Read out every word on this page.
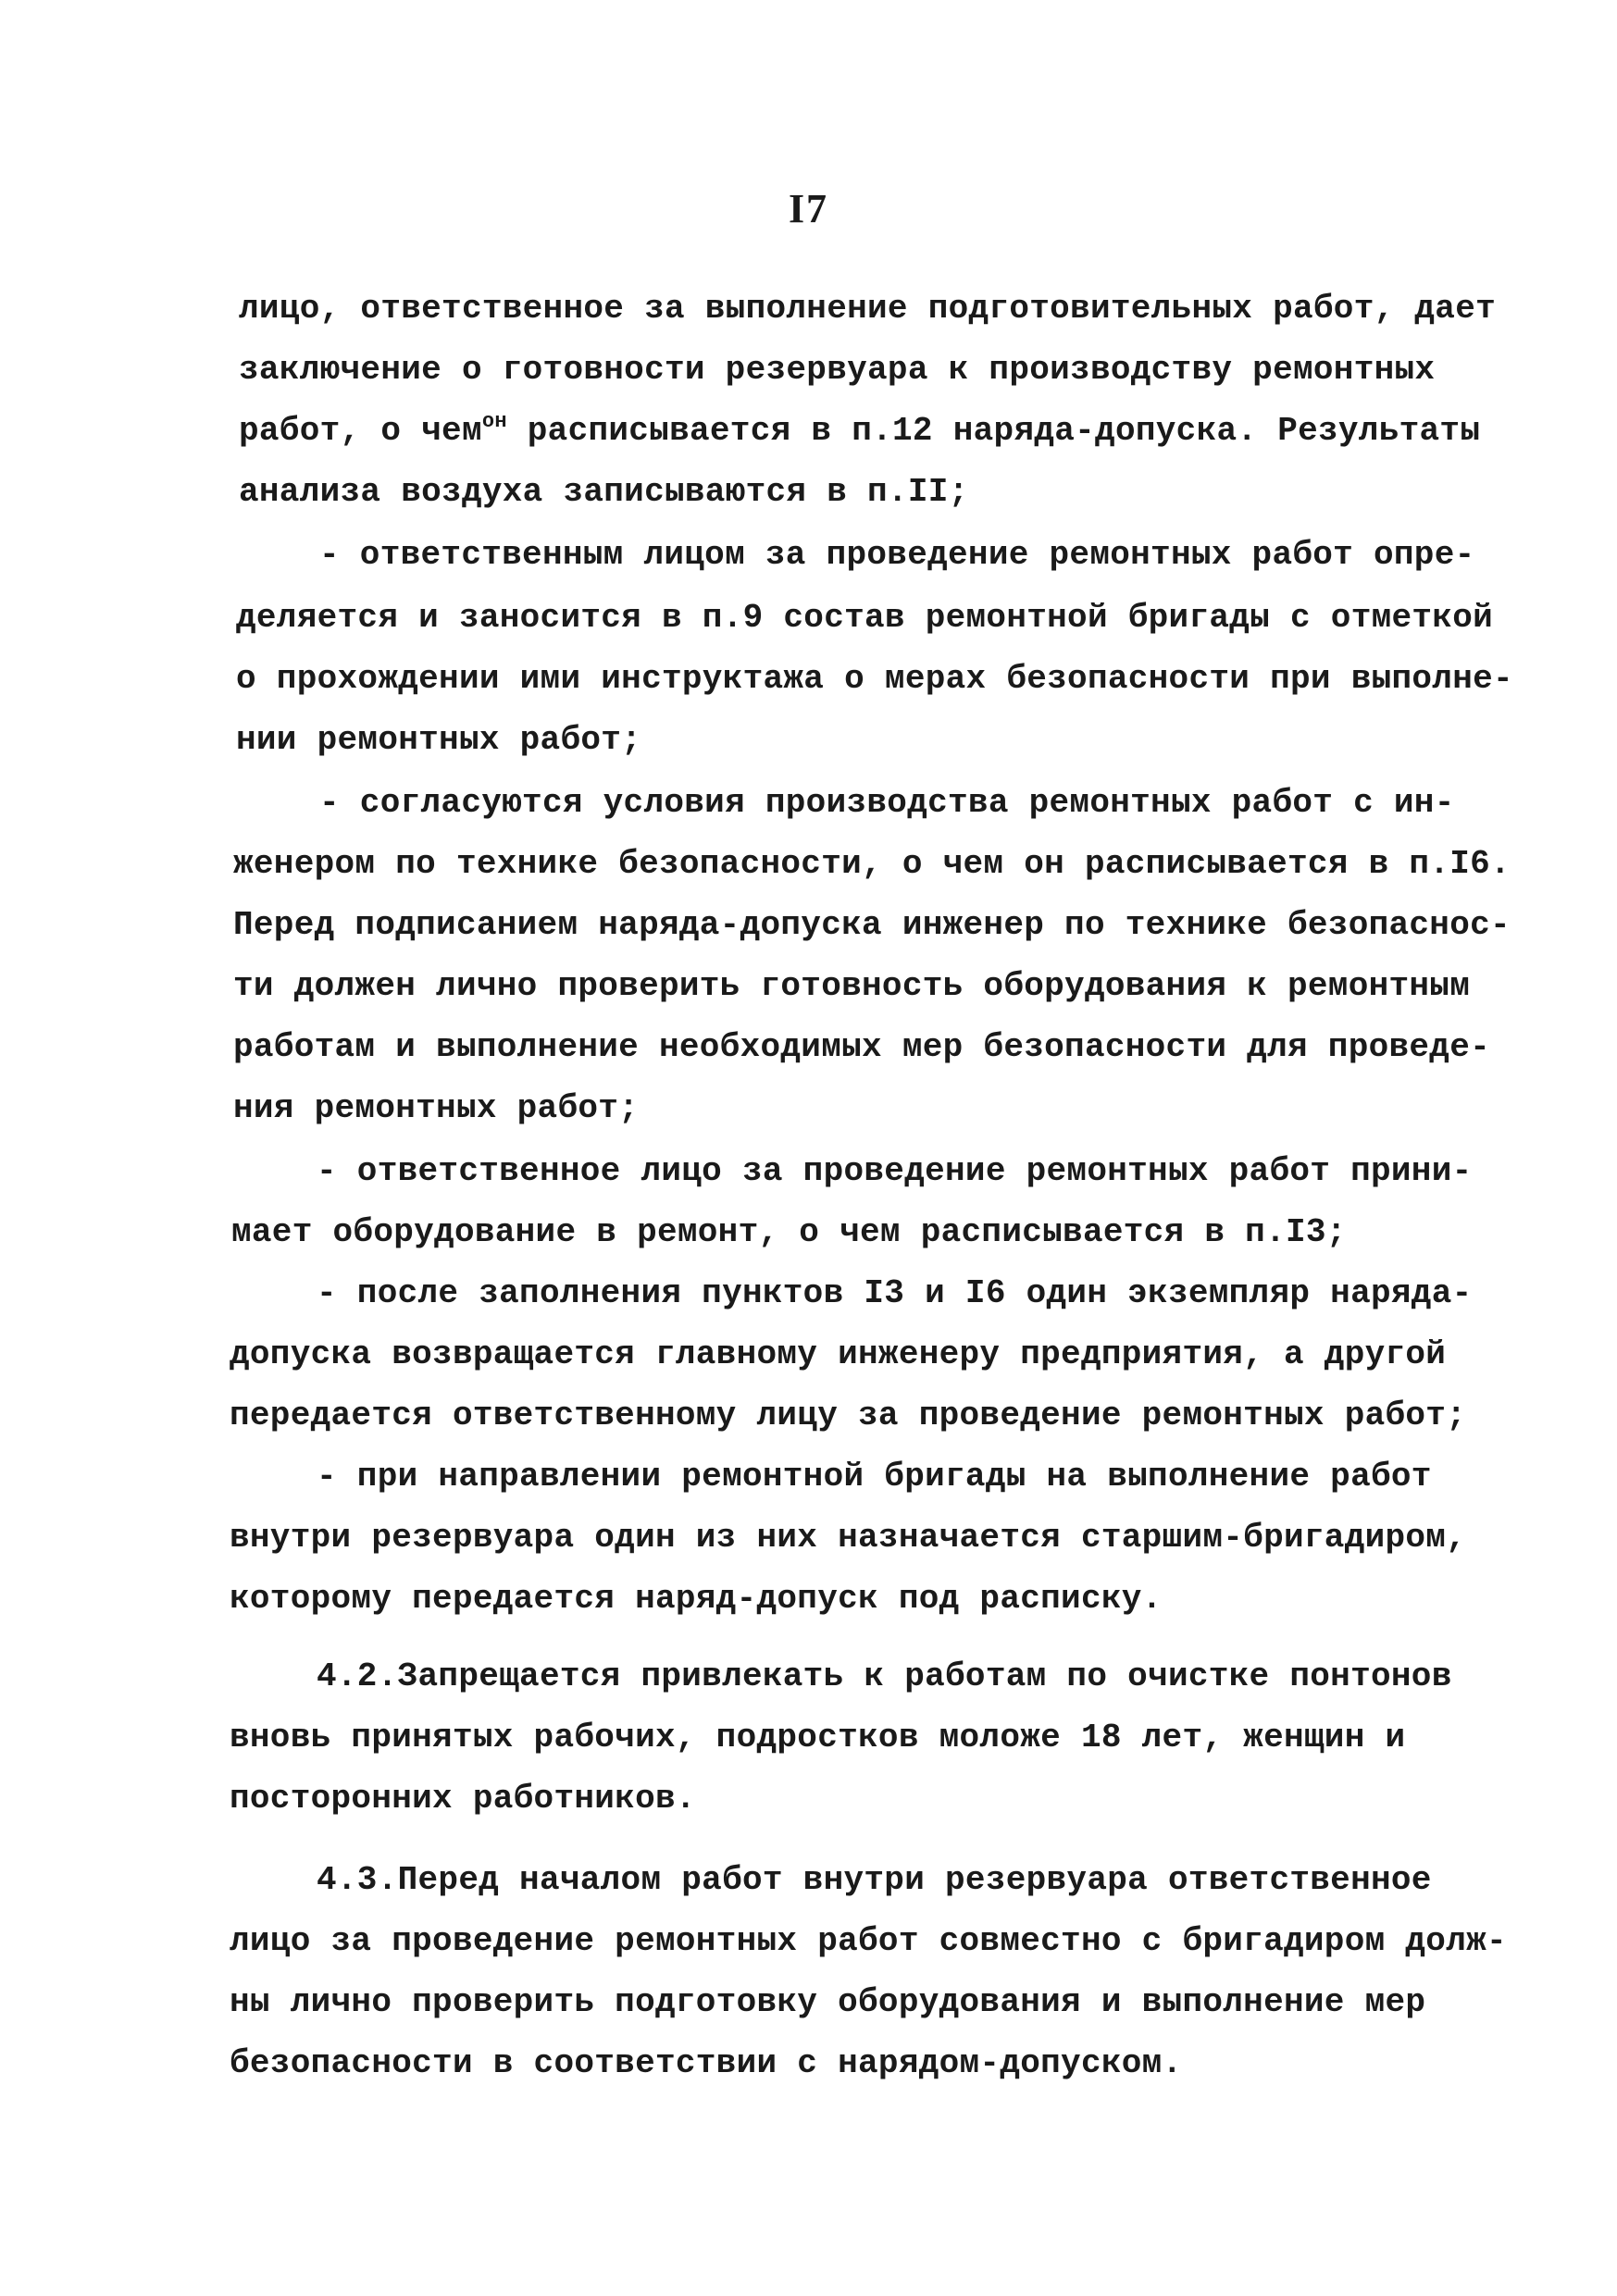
I7
лицо, ответственное за выполнение подготовительных работ, дает
заключение о готовности резервуара к производству ремонтных
работ, о чем$^{он}$ расписывается в п.12 наряда-допуска. Результаты
анализа воздуха записываются в п.II;
- ответственным лицом за проведение ремонтных работ опре-
деляется и заносится в п.9 состав ремонтной бригады с отметкой
о прохождении ими инструктажа о мерах безопасности при выполне-
нии ремонтных работ;
- согласуются условия производства ремонтных работ с ин-
женером по технике безопасности, о чем он расписывается в п.I6.
Перед подписанием наряда-допуска инженер по технике безопаснос-
ти должен лично проверить готовность оборудования к ремонтным
работам и выполнение необходимых мер безопасности для проведе-
ния ремонтных работ;
- ответственное лицо за проведение ремонтных работ прини-
мает оборудование в ремонт, о чем расписывается в п.I3;
- после заполнения пунктов I3 и I6 один экземпляр наряда-
допуска возвращается главному инженеру предприятия, а другой
передается ответственному лицу за проведение ремонтных работ;
- при направлении ремонтной бригады на выполнение работ
внутри резервуара один из них назначается старшим-бригадиром,
которому передается наряд-допуск под расписку.
4.2.Запрещается привлекать к работам по очистке понтонов
вновь принятых рабочих, подростков моложе 18 лет, женщин и
посторонних работников.
4.3.Перед началом работ внутри резервуара ответственное
лицо за проведение ремонтных работ совместно с бригадиром долж-
ны лично проверить подготовку оборудования и выполнение мер
безопасности в соответствии с нарядом-допуском.
